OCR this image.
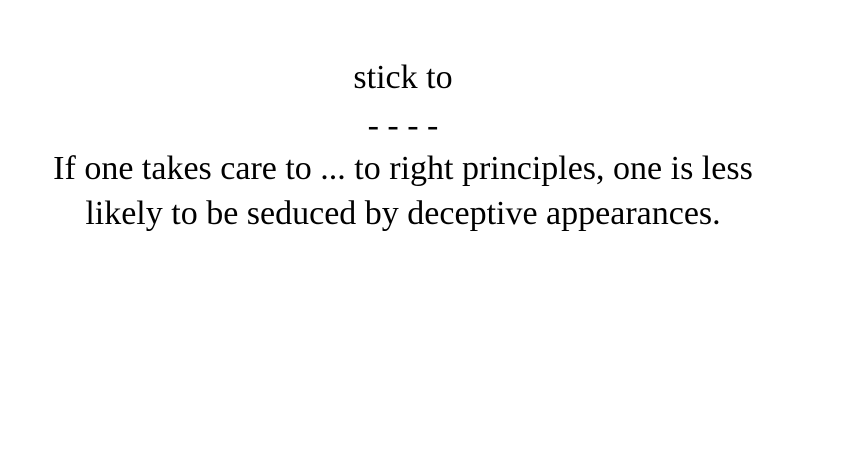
stick to
- - - -
If one takes care to ... to right principles, one is less likely to be seduced by deceptive appearances.
